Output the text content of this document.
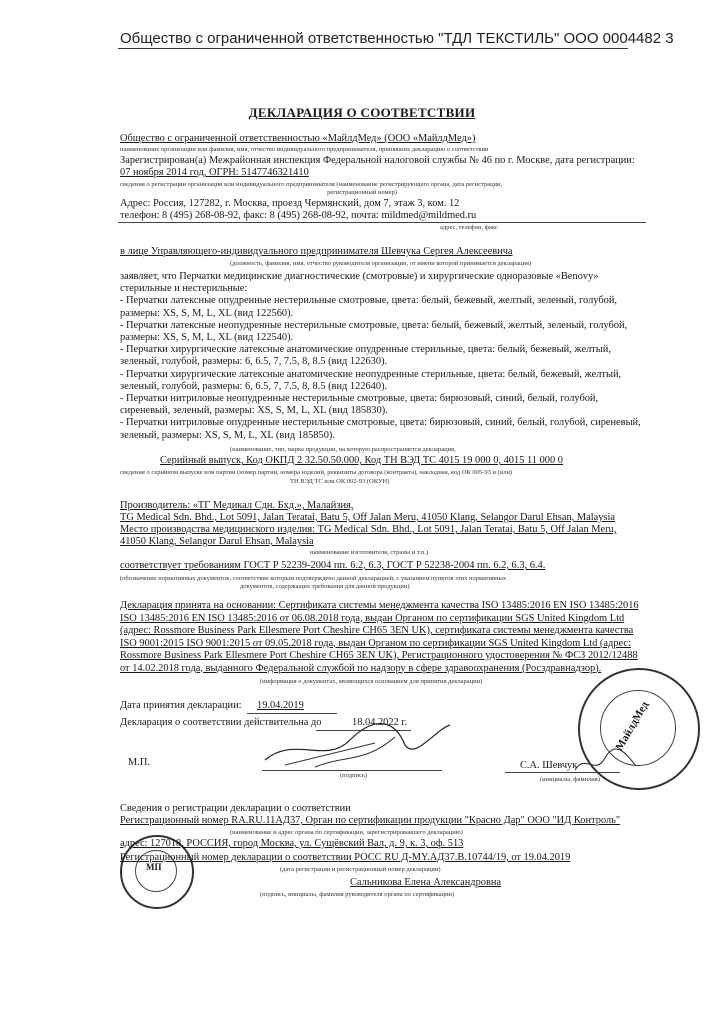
Общество с ограниченной ответственностью "ТДЛ ТЕКСТИЛЬ" ООО 0004482 3
ДЕКЛАРАЦИЯ О СООТВЕТСТВИИ
Общество с ограниченной ответственностью «МайлдМед» (ООО «МайлдМед»)
наименование организации или фамилия, имя, отчество индивидуального предпринимателя, принявших декларацию о соответствии
Зарегистрирован(а) Межрайонная инспекция Федеральной налоговой службы № 46 по г. Москве, дата регистрации:
07 ноября 2014 год, ОГРН: 5147746321410
сведения о регистрации организации или индивидуального предпринимателя (наименование регистрирующего органа, дата регистрации,
регистрационный номер)
Адрес: Россия, 127282, г. Москва, проезд Чермянский, дом 7, этаж 3, ком. 12
телефон: 8 (495) 268-08-92, факс: 8 (495) 268-08-92, почта: mildmed@mildmed.ru
адрес, телефон, факс
в лице Управляющего-индивидуального предпринимателя Шевчука Сергея Алексеевича
(должность, фамилия, имя, отчество руководителя организации, от имени которой принимается декларация)
заявляет, что Перчатки медицинские диагностические (смотровые) и хирургические одноразовые «Benovy»
стерильные и нестерильные:
- Перчатки латексные опудренные нестерильные смотровые, цвета: белый, бежевый, желтый, зеленый, голубой,
размеры: XS, S, M, L, XL (вид 122560).
- Перчатки латексные неопудренные нестерильные смотровые, цвета: белый, бежевый, желтый, зеленый, голубой,
размеры: XS, S, M, L, XL (вид 122540).
- Перчатки хирургические латексные анатомические опудренные стерильные, цвета: белый, бежевый, желтый,
зеленый, голубой, размеры: 6, 6.5, 7, 7.5, 8, 8.5 (вид 122630).
- Перчатки хирургические латексные анатомические неопудренные стерильные, цвета: белый, бежевый, желтый,
зеленый, голубой, размеры: 6, 6.5, 7, 7.5, 8, 8.5 (вид 122640).
- Перчатки нитриловые неопудренные нестерильные смотровые, цвета: бирюзовый, синий, белый, голубой,
сиреневый, зеленый, размеры: XS, S, M, L, XL (вид 185830).
- Перчатки нитриловые опудренные нестерильные смотровые, цвета: бирюзовый, синий, белый, голубой, сиреневый,
зеленый, размеры: XS, S, M, L, XL (вид 185850).
(наименование, тип, марка продукции, на которую распространяется декларация,
Серийный выпуск, Код ОКПД 2 32.50.50.000, Код ТН ВЭД ТС 4015 19 000 0, 4015 11 000 0
сведения о серийном выпуске или партии (номер партии, номера изделий, реквизиты договора (контракта), накладная, код ОК 005-93 и (или)
ТН ВЭД ТС или ОК 002-93 (ОКУН)
Производитель: «ТГ Медикал Сдн. Бхд.», Малайзия,
TG Medical Sdn. Bhd., Lot 5091, Jalan Teratai, Batu 5, Off Jalan Meru, 41050 Klang, Selangor Darul Ehsan, Malaysia
Место производства медицинского изделия: TG Medical Sdn. Bhd., Lot 5091, Jalan Teratai, Batu 5, Off Jalan Meru,
41050 Klang, Selangor Darul Ehsan, Malaysia
наименование изготовителя, страны и т.п.)
соответствует требованиям ГОСТ Р 52239-2004 пп. 6.2, 6.3, ГОСТ Р 52238-2004 пп. 6.2, 6.3, 6.4.
(обозначение нормативных документов, соответствие которым подтверждено данной декларацией, с указанием пунктов этих нормативных
документов, содержащих требования для данной продукции)
Декларация принята на основании: Сертификата системы менеджмента качества ISO 13485:2016 EN ISO 13485:2016
ISO 13485:2016 EN ISO 13485:2016 от 06.08.2018 года, выдан Органом по сертификации SGS United Kingdom Ltd
(адрес: Rossmore Business Park Ellesmere Port Cheshire CH65 3EN UK), сертификата системы менеджмента качества
ISO 9001:2015 ISO 9001:2015 от 09.05.2018 года, выдан Органом по сертификации SGS United Kingdom Ltd (адрес:
Rossmore Business Park Ellesmere Port Cheshire CH65 3EN UK), Регистрационного удостоверения № ФСЗ 2012/12488
от 14.02.2018 года, выданного Федеральной службой по надзору в сфере здравоохранения (Росздравнадзор).
(информация о документах, являющихся основанием для принятия декларации)
Дата принятия декларации: 19.04.2019
Декларация о соответствии действительна до	18.04.2022 г.
М.П.
(подпись)
С.А. Шевчук
(инициалы, фамилия)
МайлдМед
МП
Сведения о регистрации декларации о соответствии
Регистрационный номер RA.RU.11АД37, Орган по сертификации продукции "Красно Дар" ООО "ИД Контроль"
(наименование и адрес органа по сертификации, зарегистрировавшего декларацию)
адрес: 127018, РОССИЯ, город Москва, ул. Сущёвский Вал, д. 9, к. 3, оф. 513
Регистрационный номер декларации о соответствии РОСС RU Д-MY.АД37.В.10744/19, от 19.04.2019
(дата регистрации и регистрационный номер декларации)
Сальникова Елена Александровна
(подпись, инициалы, фамилия руководителя органа по сертификации)
